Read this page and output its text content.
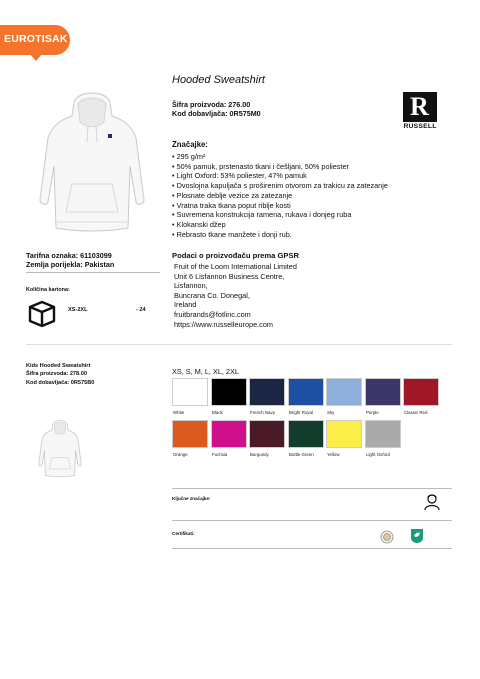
EUROTISAK
Hooded Sweatshirt
Šifra proizvoda: 276.00
Kod dobavljača: 0R575M0	R
RUSSELL
Značajke:
• 295 g/m²
• 50% pamuk, prstenasto tkani i češljani, 50% poliester
• Light Oxford: 53% poliester, 47% pamuk
• Dvoslojna kapuljača s proširenim otvorom za trakicu za zatezanje
• Plosnate deblje vezice za zatezanje
• Vratna traka tkana poput riblje kosti
• Suvremena konstrukcija ramena, rukava i donjeg ruba
• Klokanski džep
• Rebrasto tkane manžete i donji rub.
Tarifna oznaka: 61103099
Zemlja porijekla: Pakistan
Količina kartona:
XS-2XL	- 24
Podaci o proizvođaču prema GPSR
Fruit of the Loom International Limited
Unit 6 Lisfannon Business Centre,
Lisfannon,
Buncrana Co. Donegal,
Ireland
fruitbrands@fotlinc.com
https://www.russelleurope.com
Kids Hooded Sweatshirt
Šifra proizvoda: 278.00
Kod dobavljača: 0R575B0
XS, S, M, L, XL, 2XL
White	Black	French Navy	Bright Royal	Sky	Purple	Classic Red
Orange	Fuchsia	Burgundy	Bottle Green	Yellow	Light Oxford
Ključne značajke:
Certifikati:
